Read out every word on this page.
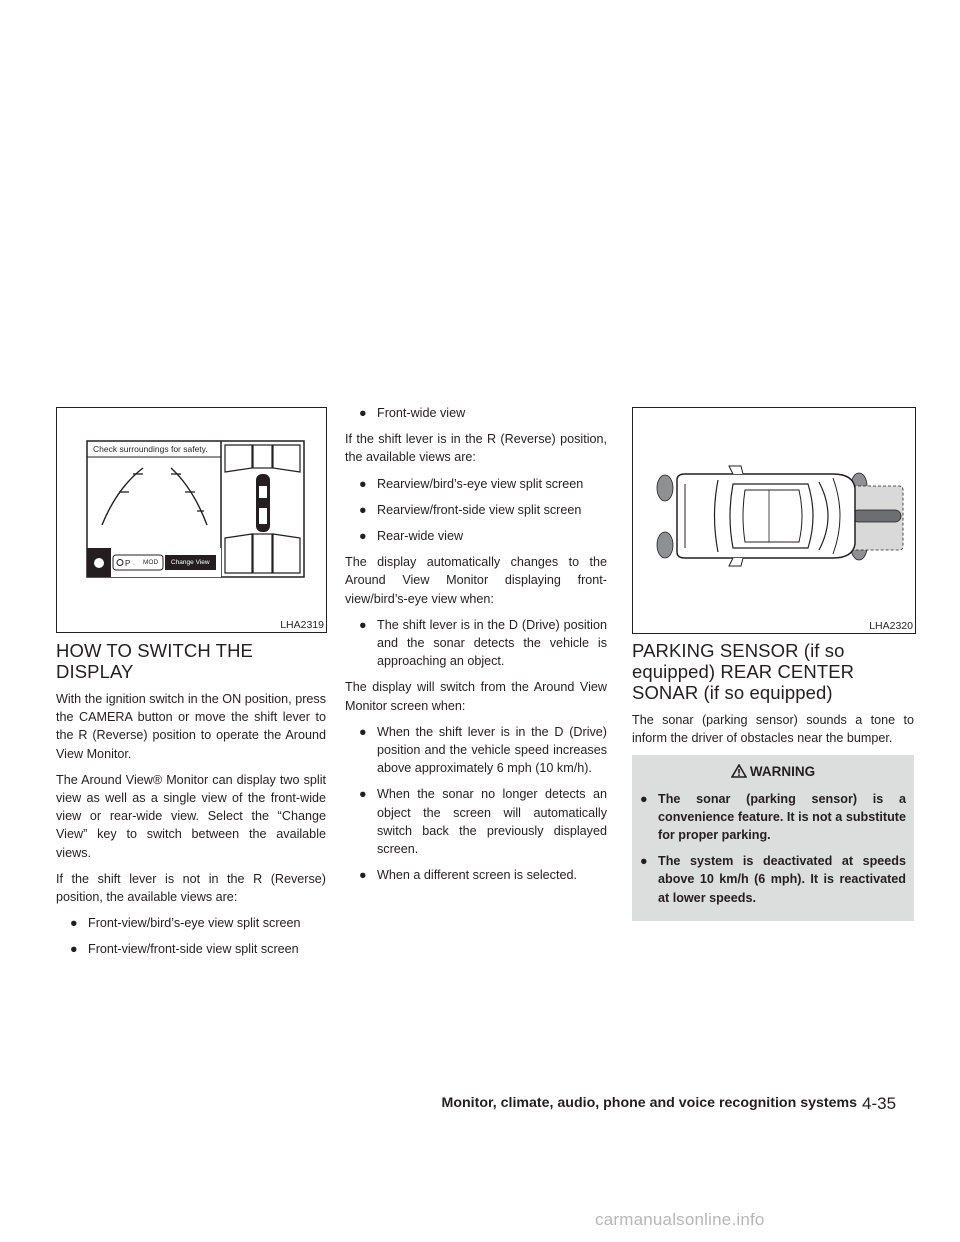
P ·
Check surroundings for safety.
MOD Change View
LHA2319	LHA2320
HOW TO SWITCH THE DISPLAY

With the ignition switch in the ON position, press the CAMERA button or move the shift lever to the R (Reverse) position to operate the Around View Monitor.

The Around View® Monitor can display two split view as well as a single view of the front-wide view or rear-wide view. Select the “Change View” key to switch between the available views.

If the shift lever is not in the R (Reverse) position, the available views are:

● Front-view/bird’s-eye view split screen
● Front-view/front-side view split screen
● Front-wide view

If the shift lever is in the R (Reverse) position, the available views are:

● Rearview/bird’s-eye view split screen
● Rearview/front-side view split screen
● Rear-wide view

The display automatically changes to the Around View Monitor displaying front-view/bird’s-eye view when:

● The shift lever is in the D (Drive) position and the sonar detects the vehicle is approaching an object.

The display will switch from the Around View Monitor screen when:

● When the shift lever is in the D (Drive) position and the vehicle speed increases above approximately 6 mph (10 km/h).
● When the sonar no longer detects an object the screen will automatically switch back the previously displayed screen.
● When a different screen is selected.
PARKING SENSOR (if so equipped) REAR CENTER SONAR (if so equipped)

The sonar (parking sensor) sounds a tone to inform the driver of obstacles near the bumper.

WARNING
● The sonar (parking sensor) is a convenience feature. It is not a substitute for proper parking.
● The system is deactivated at speeds above 10 km/h (6 mph). It is reactivated at lower speeds.
Monitor, climate, audio, phone and voice recognition systems 4-35
carmanualsonline.info
